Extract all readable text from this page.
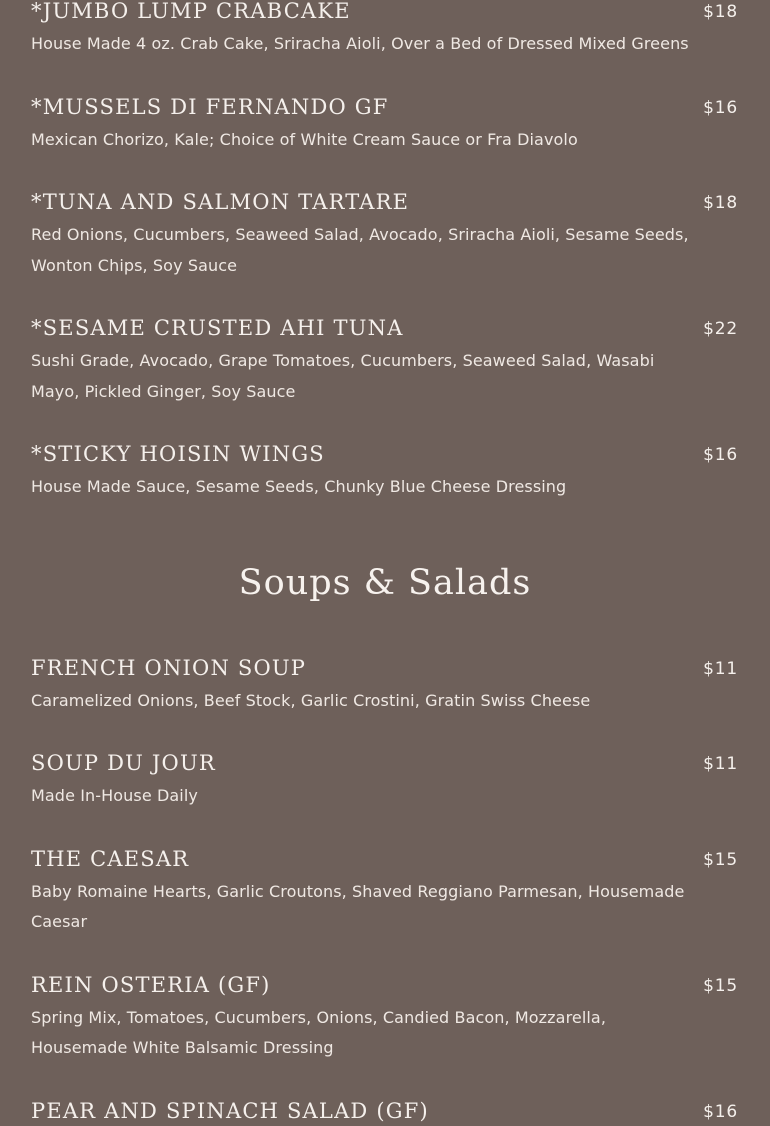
*JUMBO LUMP CRABCAKE	$18
House Made 4 oz. Crab Cake, Sriracha Aioli, Over a Bed of Dressed Mixed Greens
*MUSSELS DI FERNANDO GF	$16
Mexican Chorizo, Kale; Choice of White Cream Sauce or Fra Diavolo
*TUNA AND SALMON TARTARE	$18
Red Onions, Cucumbers, Seaweed Salad, Avocado, Sriracha Aioli, Sesame Seeds, Wonton Chips, Soy Sauce
*SESAME CRUSTED AHI TUNA	$22
Sushi Grade, Avocado, Grape Tomatoes, Cucumbers, Seaweed Salad, Wasabi Mayo, Pickled Ginger, Soy Sauce
*STICKY HOISIN WINGS	$16
House Made Sauce, Sesame Seeds, Chunky Blue Cheese Dressing
Soups & Salads
FRENCH ONION SOUP	$11
Caramelized Onions, Beef Stock, Garlic Crostini, Gratin Swiss Cheese
SOUP DU JOUR	$11
Made In-House Daily
THE CAESAR	$15
Baby Romaine Hearts, Garlic Croutons, Shaved Reggiano Parmesan, Housemade Caesar
REIN OSTERIA (GF)	$15
Spring Mix, Tomatoes, Cucumbers, Onions, Candied Bacon, Mozzarella, Housemade White Balsamic Dressing
PEAR AND SPINACH SALAD (GF)	$16
